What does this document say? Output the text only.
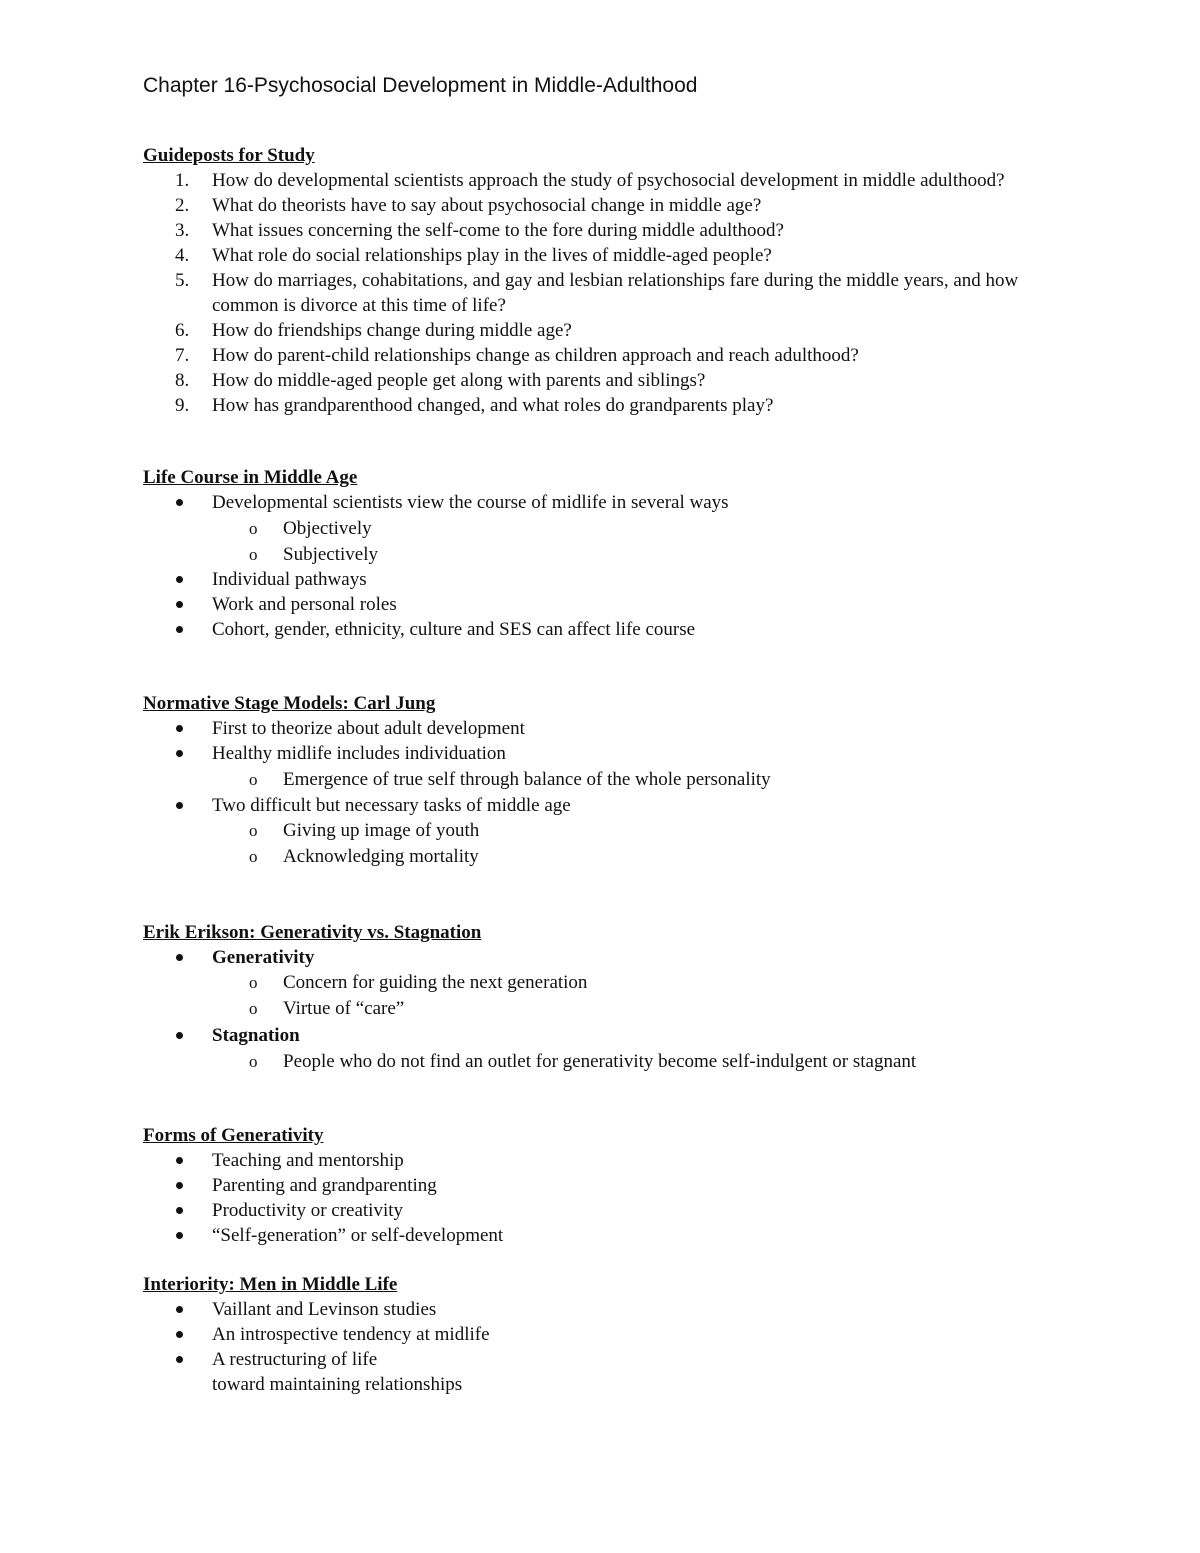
Chapter 16-Psychosocial Development in Middle-Adulthood
Guideposts for Study
1.	How do developmental scientists approach the study of psychosocial development in middle adulthood?
2.	What do theorists have to say about psychosocial change in middle age?
3.	What issues concerning the self-come to the fore during middle adulthood?
4.	What role do social relationships play in the lives of middle-aged people?
5.	How do marriages, cohabitations, and gay and lesbian relationships fare during the middle years, and how common is divorce at this time of life?
6.	How do friendships change during middle age?
7.	How do parent-child relationships change as children approach and reach adulthood?
8.	How do middle-aged people get along with parents and siblings?
9.	How has grandparenthood changed, and what roles do grandparents play?
Life Course in Middle Age
Developmental scientists view the course of midlife in several ways
o Objectively
o Subjectively
Individual pathways
Work and personal roles
Cohort, gender, ethnicity, culture and SES can affect life course
Normative Stage Models: Carl Jung
First to theorize about adult development
Healthy midlife includes individuation
o Emergence of true self through balance of the whole personality
Two difficult but necessary tasks of middle age
o Giving up image of youth
o Acknowledging mortality
Erik Erikson: Generativity vs. Stagnation
Generativity
o Concern for guiding the next generation
o Virtue of “care”
Stagnation
o People who do not find an outlet for generativity become self-indulgent or stagnant
Forms of Generativity
Teaching and mentorship
Parenting and grandparenting
Productivity or creativity
“Self-generation” or self-development
Interiority: Men in Middle Life
Vaillant and Levinson studies
An introspective tendency at midlife
A restructuring of life
toward maintaining relationships
